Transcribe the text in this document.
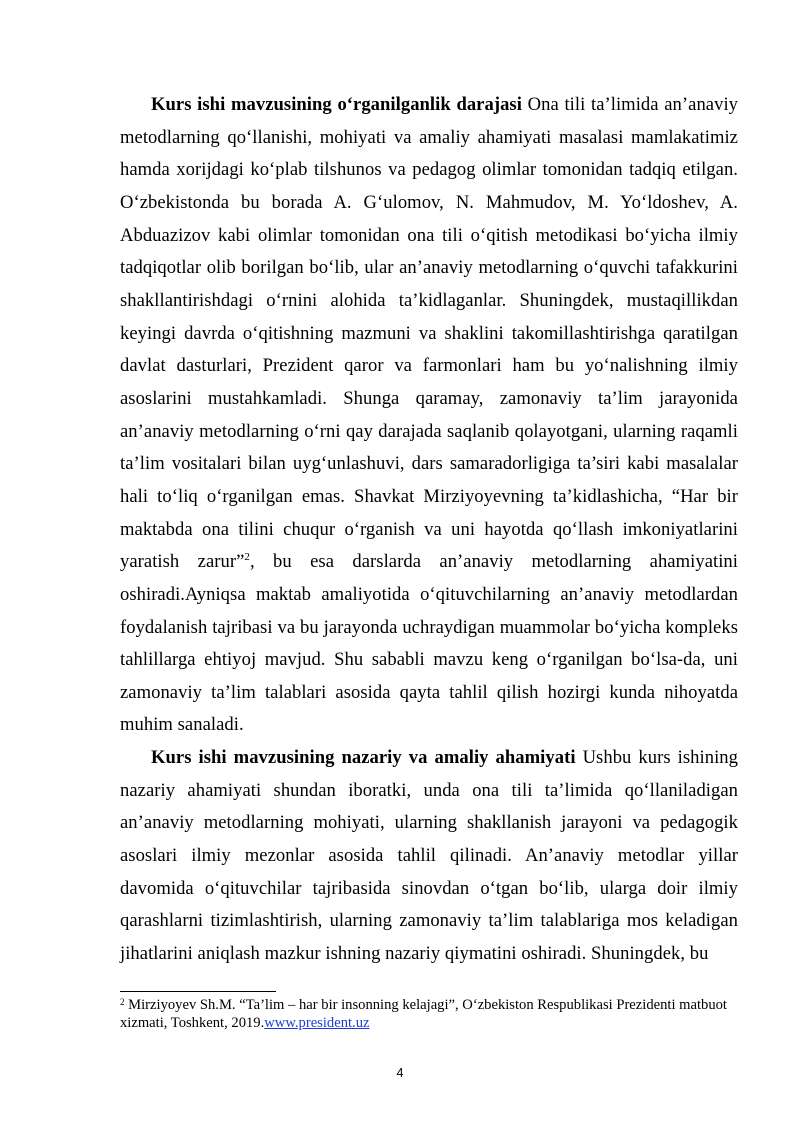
Kurs ishi mavzusining o‘rganilganlik darajasi Ona tili ta’limida an’anaviy metodlarning qo‘llanishi, mohiyati va amaliy ahamiyati masalasi mamlakatimiz hamda xorijdagi ko‘plab tilshunos va pedagog olimlar tomonidan tadqiq etilgan. O‘zbekistonda bu borada A. G‘ulomov, N. Mahmudov, M. Yo‘ldoshev, A. Abduazizov kabi olimlar tomonidan ona tili o‘qitish metodikasi bo‘yicha ilmiy tadqiqotlar olib borilgan bo‘lib, ular an’anaviy metodlarning o‘quvchi tafakkurini shakllantirishdagi o‘rnini alohida ta’kidlaganlar. Shuningdek, mustaqillikdan keyingi davrda o‘qitishning mazmuni va shaklini takomillashtirishga qaratilgan davlat dasturlari, Prezident qaror va farmonlari ham bu yo‘nalishning ilmiy asoslarini mustahkamladi. Shunga qaramay, zamonaviy ta’lim jarayonida an’anaviy metodlarning o‘rni qay darajada saqlanib qolayotgani, ularning raqamli ta’lim vositalari bilan uyg‘unlashuvi, dars samaradorligiga ta’siri kabi masalalar hali to‘liq o‘rganilgan emas. Shavkat Mirziyoyevning ta’kidlashicha, “Har bir maktabda ona tilini chuqur o‘rganish va uni hayotda qo‘llash imkoniyatlarini yaratish zarur”$^2$, bu esa darslarda an’anaviy metodlarning ahamiyatini oshiradi.Ayniqsa maktab amaliyotida o‘qituvchilarning an’anaviy metodlardan foydalanish tajribasi va bu jarayonda uchraydigan muammolar bo‘yicha kompleks tahlillarga ehtiyoj mavjud. Shu sababli mavzu keng o‘rganilgan bo‘lsa-da, uni zamonaviy ta’lim talablari asosida qayta tahlil qilish hozirgi kunda nihoyatda muhim sanaladi.

Kurs ishi mavzusining nazariy va amaliy ahamiyati Ushbu kurs ishining nazariy ahamiyati shundan iboratki, unda ona tili ta’limida qo‘llaniladigan an’anaviy metodlarning mohiyati, ularning shakllanish jarayoni va pedagogik asoslari ilmiy mezonlar asosida tahlil qilinadi. An’anaviy metodlar yillar davomida o‘qituvchilar tajribasida sinovdan o‘tgan bo‘lib, ularga doir ilmiy qarashlarni tizimlashtirish, ularning zamonaviy ta’lim talablariga mos keladigan jihatlarini aniqlash mazkur ishning nazariy qiymatini oshiradi. Shuningdek, bu

$^2$ Mirziyoyev Sh.M. “Ta’lim – har bir insonning kelajagi”, O‘zbekiston Respublikasi Prezidenti matbuot xizmati, Toshkent, 2019.www.president.uz
4
